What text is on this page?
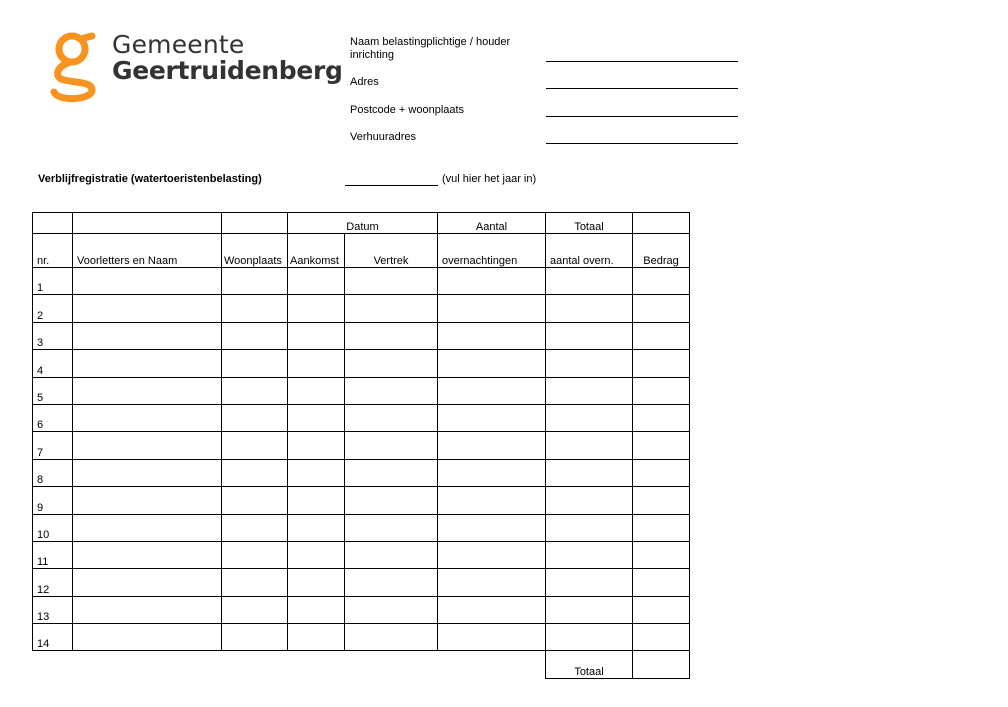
Gemeente
Geertruidenberg
Naam belastingplichtige / houder inrichting
Adres
Postcode + woonplaats
Verhuuradres
Verblijfregistratie (watertoeristenbelasting)	(vul hier het jaar in)
			Datum		Aantal	Totaal	
nr.	Voorletters en Naam	Woonplaats	Aankomst	Vertrek	overnachtingen	aantal overn.	Bedrag
1							
2							
3							
4							
5							
6							
7							
8							
9							
10							
11							
12							
13							
14							
						Totaal	
